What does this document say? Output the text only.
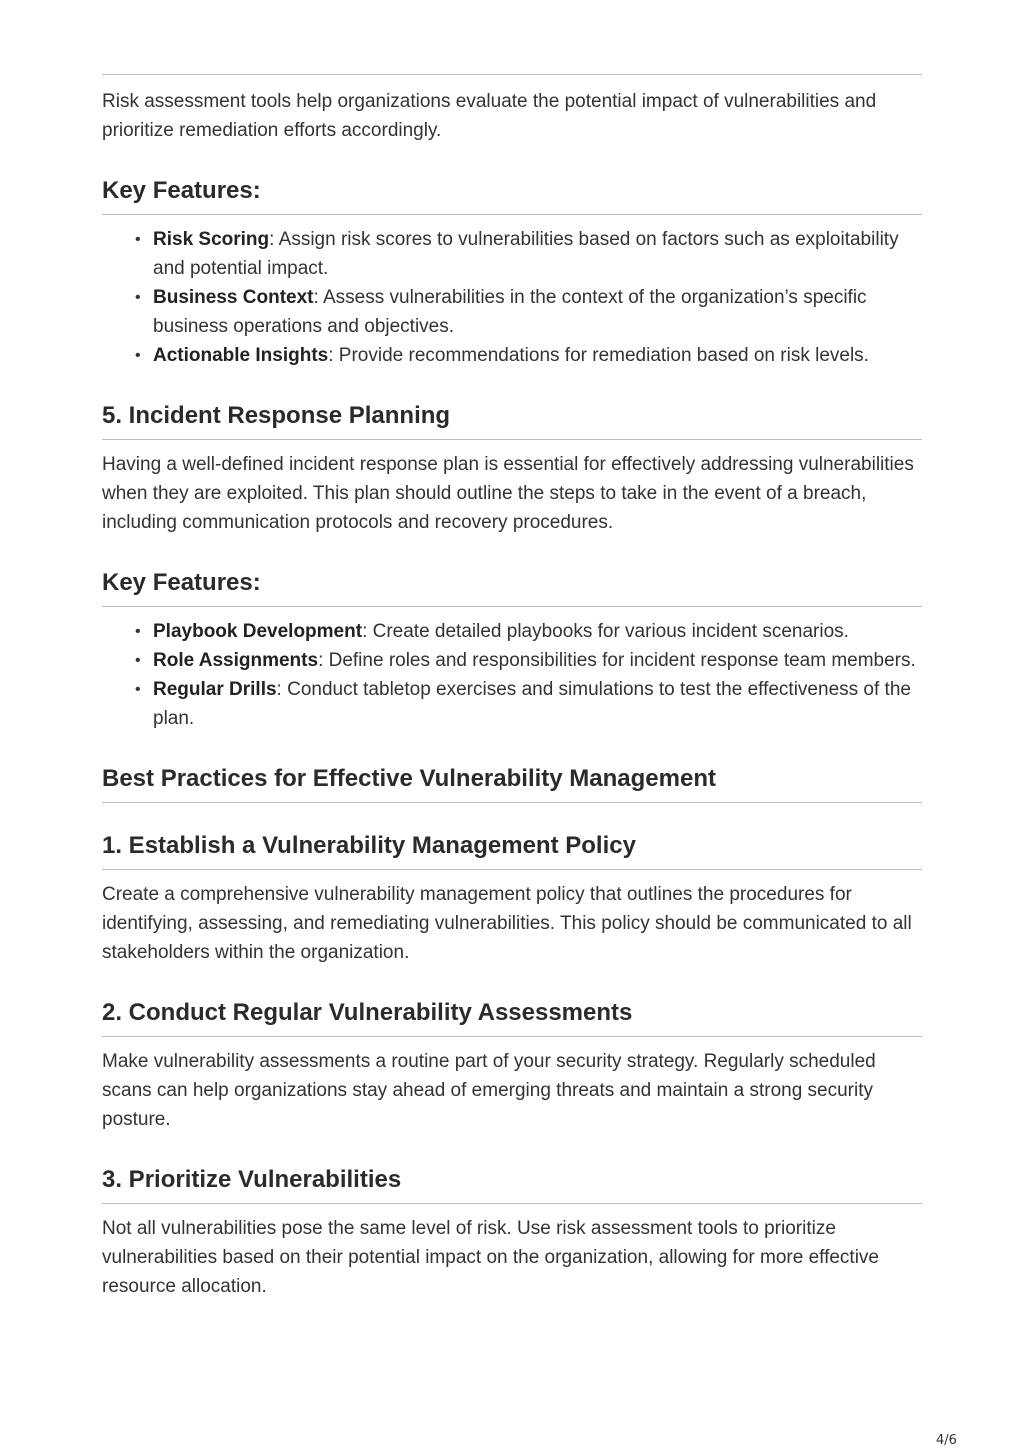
Risk assessment tools help organizations evaluate the potential impact of vulnerabilities and prioritize remediation efforts accordingly.

Key Features:
• Risk Scoring: Assign risk scores to vulnerabilities based on factors such as exploitability and potential impact.
• Business Context: Assess vulnerabilities in the context of the organization’s specific business operations and objectives.
• Actionable Insights: Provide recommendations for remediation based on risk levels.
5. Incident Response Planning

Having a well-defined incident response plan is essential for effectively addressing vulnerabilities when they are exploited. This plan should outline the steps to take in the event of a breach, including communication protocols and recovery procedures.

Key Features:
• Playbook Development: Create detailed playbooks for various incident scenarios.
• Role Assignments: Define roles and responsibilities for incident response team members.
• Regular Drills: Conduct tabletop exercises and simulations to test the effectiveness of the plan.
Best Practices for Effective Vulnerability Management
1. Establish a Vulnerability Management Policy

Create a comprehensive vulnerability management policy that outlines the procedures for identifying, assessing, and remediating vulnerabilities. This policy should be communicated to all stakeholders within the organization.

2. Conduct Regular Vulnerability Assessments

Make vulnerability assessments a routine part of your security strategy. Regularly scheduled scans can help organizations stay ahead of emerging threats and maintain a strong security posture.

3. Prioritize Vulnerabilities

Not all vulnerabilities pose the same level of risk. Use risk assessment tools to prioritize vulnerabilities based on their potential impact on the organization, allowing for more effective resource allocation.

4/6
